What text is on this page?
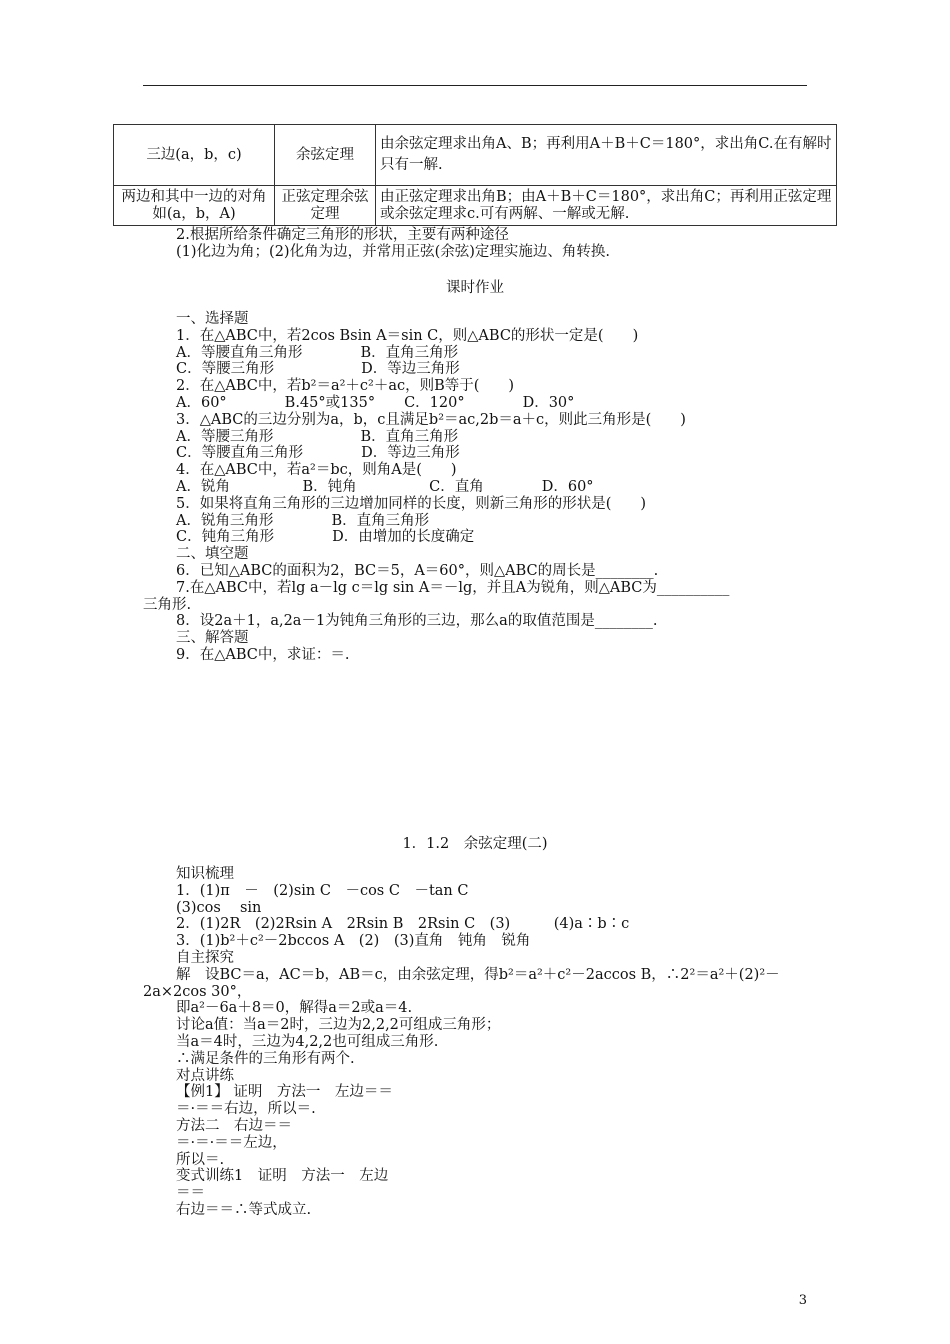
三边(a，b，c)	余弦定理	由余弦定理求出角A、B；再利用A＋B＋C＝180°，求出角C.在有解时只有一解.
两边和其中一边的对角如(a，b，A)	正弦定理余弦定理	由正弦定理求出角B；由A＋B＋C＝180°，求出角C；再利用正弦定理或余弦定理求c.可有两解、一解或无解.
2.根据所给条件确定三角形的形状，主要有两种途径
(1)化边为角；(2)化角为边，并常用正弦(余弦)定理实施边、角转换.
课时作业
一、选择题
1．在△ABC中，若2cos Bsin A＝sin C，则△ABC的形状一定是(　　)
A．等腰直角三角形　　　　B．直角三角形
C．等腰三角形　　　　　　D．等边三角形
2．在△ABC中，若b²＝a²＋c²＋ac，则B等于(　　)
A．60°　　　　B.45°或135°　　C．120°　　　　D．30°
3．△ABC的三边分别为a，b，c且满足b²＝ac,2b＝a＋c，则此三角形是(　　)
A．等腰三角形　　　　　　B．直角三角形
C．等腰直角三角形　　　　D．等边三角形
4．在△ABC中，若a²＝bc，则角A是(　　)
A．锐角　　　　　B．钝角　　　　　C．直角　　　　D．60°
5．如果将直角三角形的三边增加同样的长度，则新三角形的形状是(　　)
A．锐角三角形　　　　B．直角三角形
C．钝角三角形　　　　D．由增加的长度确定
二、填空题
6．已知△ABC的面积为2，BC＝5，A＝60°，则△ABC的周长是________.
7.在△ABC中，若lg a－lg c＝lg sin A＝－lg，并且A为锐角，则△ABC为__________
三角形.
8．设2a＋1，a,2a－1为钝角三角形的三边，那么a的取值范围是________.
三、解答题
9．在△ABC中，求证：＝.
1．1.2　余弦定理(二)
知识梳理
1．(1)π　－　(2)sin C　－cos C　－tan C
(3)cos　 sin
2．(1)2R　(2)2Rsin A　2Rsin B　2Rsin C　(3)　　　(4)a∶b∶c
3．(1)b²＋c²－2bccos A　(2)　(3)直角　钝角　锐角
自主探究
解　设BC＝a，AC＝b，AB＝c，由余弦定理，得b²＝a²＋c²－2accos B，∴2²＝a²＋(2)²－
2a×2cos 30°，
即a²－6a＋8＝0，解得a＝2或a＝4.
讨论a值：当a＝2时，三边为2,2,2可组成三角形；
当a＝4时，三边为4,2,2也可组成三角形.
∴满足条件的三角形有两个.
对点讲练
【例1】 证明　方法一　左边＝＝
＝·＝＝右边，所以＝.
方法二　右边＝＝
＝·＝·＝＝左边，
所以＝.
变式训练1　证明　方法一　左边
＝＝
右边＝＝∴等式成立.
3
